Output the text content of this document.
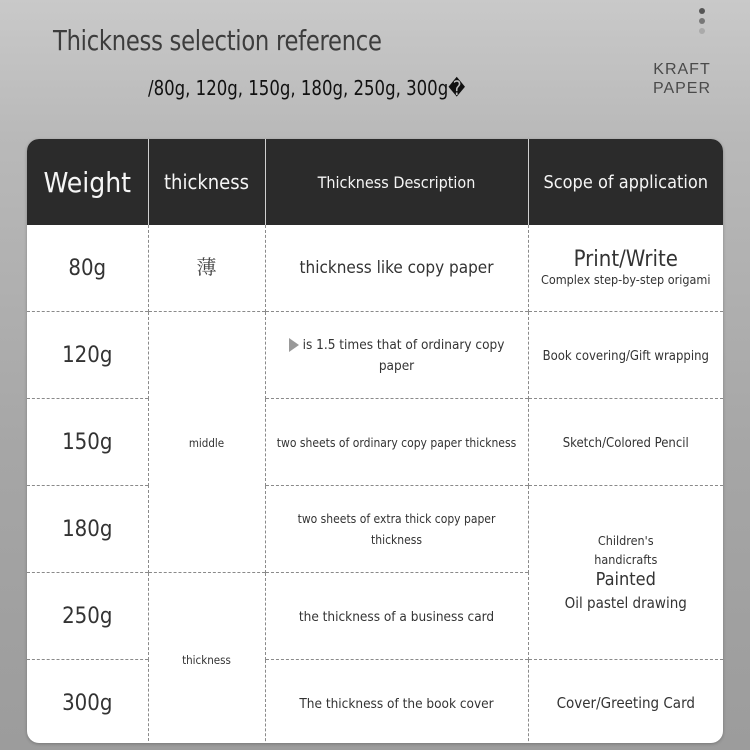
Thickness selection reference
/80g, 120g, 150g, 180g, 250g, 300g�
KRAFT
PAPER
Weight	thickness	Thickness Description	Scope of application
80g	薄	thickness like copy paper	Print/Write
Complex step-by-step origami

120g	middle	is 1.5 times that of ordinary copy paper	Book covering/Gift wrapping
150g		two sheets of ordinary copy paper thickness	Sketch/Colored Pencil
180g		two sheets of extra thick copy paper thickness	Children's
handicrafts
Painted
Oil pastel drawing

250g	thickness	the thickness of a business card	
300g		The thickness of the book cover	Cover/Greeting Card
